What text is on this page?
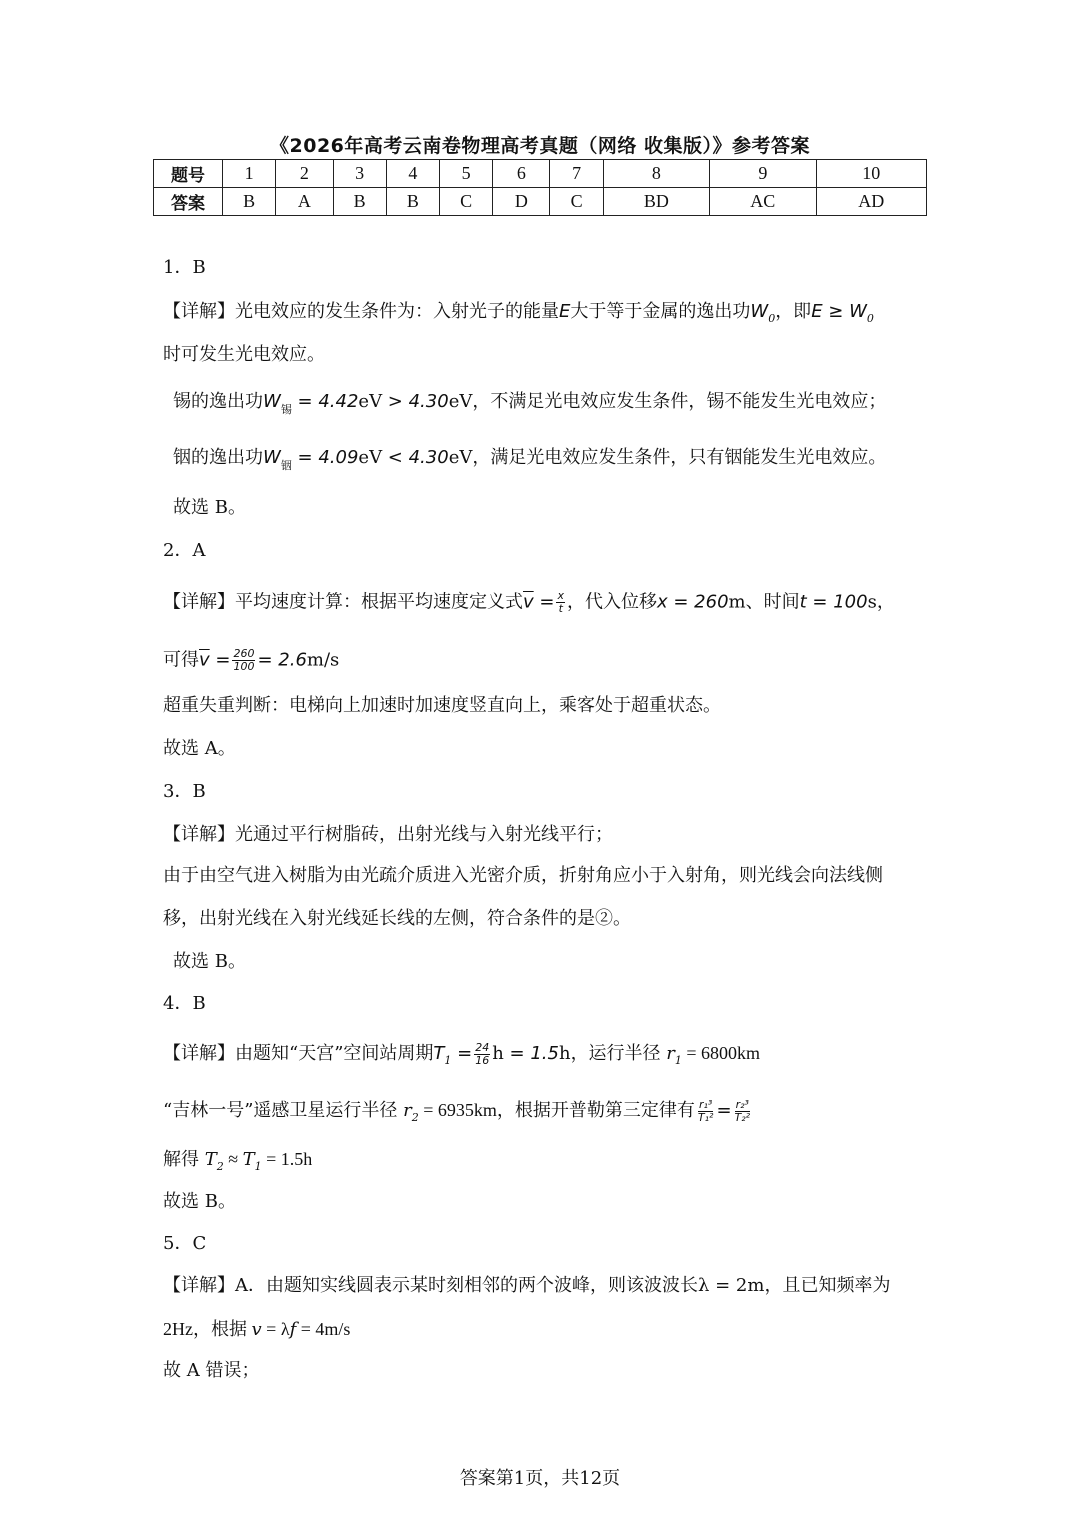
《2026年高考云南卷物理高考真题（网络 收集版）》参考答案
题号	1	2	3	4	5	6	7	8	9	10
答案	B	A	B	B	C	D	C	BD	AC	AD
1．B
【详解】光电效应的发生条件为：入射光子的能量E大于等于金属的逸出功$W_0$，即$E \ge W_0$
时可发生光电效应。
锡的逸出功$W_锡 = 4.42eV > 4.30eV$，不满足光电效应发生条件，锡不能发生光电效应；
铟的逸出功$W_铟 = 4.09eV < 4.30eV$，满足光电效应发生条件，只有铟能发生光电效应。
故选 B。
2．A
【详解】平均速度计算：根据平均速度定义式$\overline{v} = \frac{x}{t}$ ，代入位移x = 260m、时间t = 100s，
可得$\overline{v} = \frac{260}{100} = 2.6m/s$
超重失重判断：电梯向上加速时加速度竖直向上，乘客处于超重状态。
故选 A。
3．B
【详解】光通过平行树脂砖，出射光线与入射光线平行；
由于由空气进入树脂为由光疏介质进入光密介质，折射角应小于入射角，则光线会向法线侧
移，出射光线在入射光线延长线的左侧，符合条件的是②。
故选 B。
4．B
【详解】由题知“天宫”空间站周期$T_1 = \frac{24}{16}$ h = 1.5h，运行半径 $r_1 = 6800km$
“吉林一号”遥感卫星运行半径 $r_2 = 6935km$，根据开普勒第三定律有 $\frac{\text{r₁³}}{\text{T₁²}} = \frac{\text{r₂³}}{\text{T₂²}}$
解得 $T_2 \approx T_1 = 1.5h$
故选 B。
5．C
【详解】A．由题知实线圆表示某时刻相邻的两个波峰，则该波波长λ = 2m，且已知频率为
2Hz，根据 v = λf = 4m/s
故 A 错误；
答案第1页，共12页
